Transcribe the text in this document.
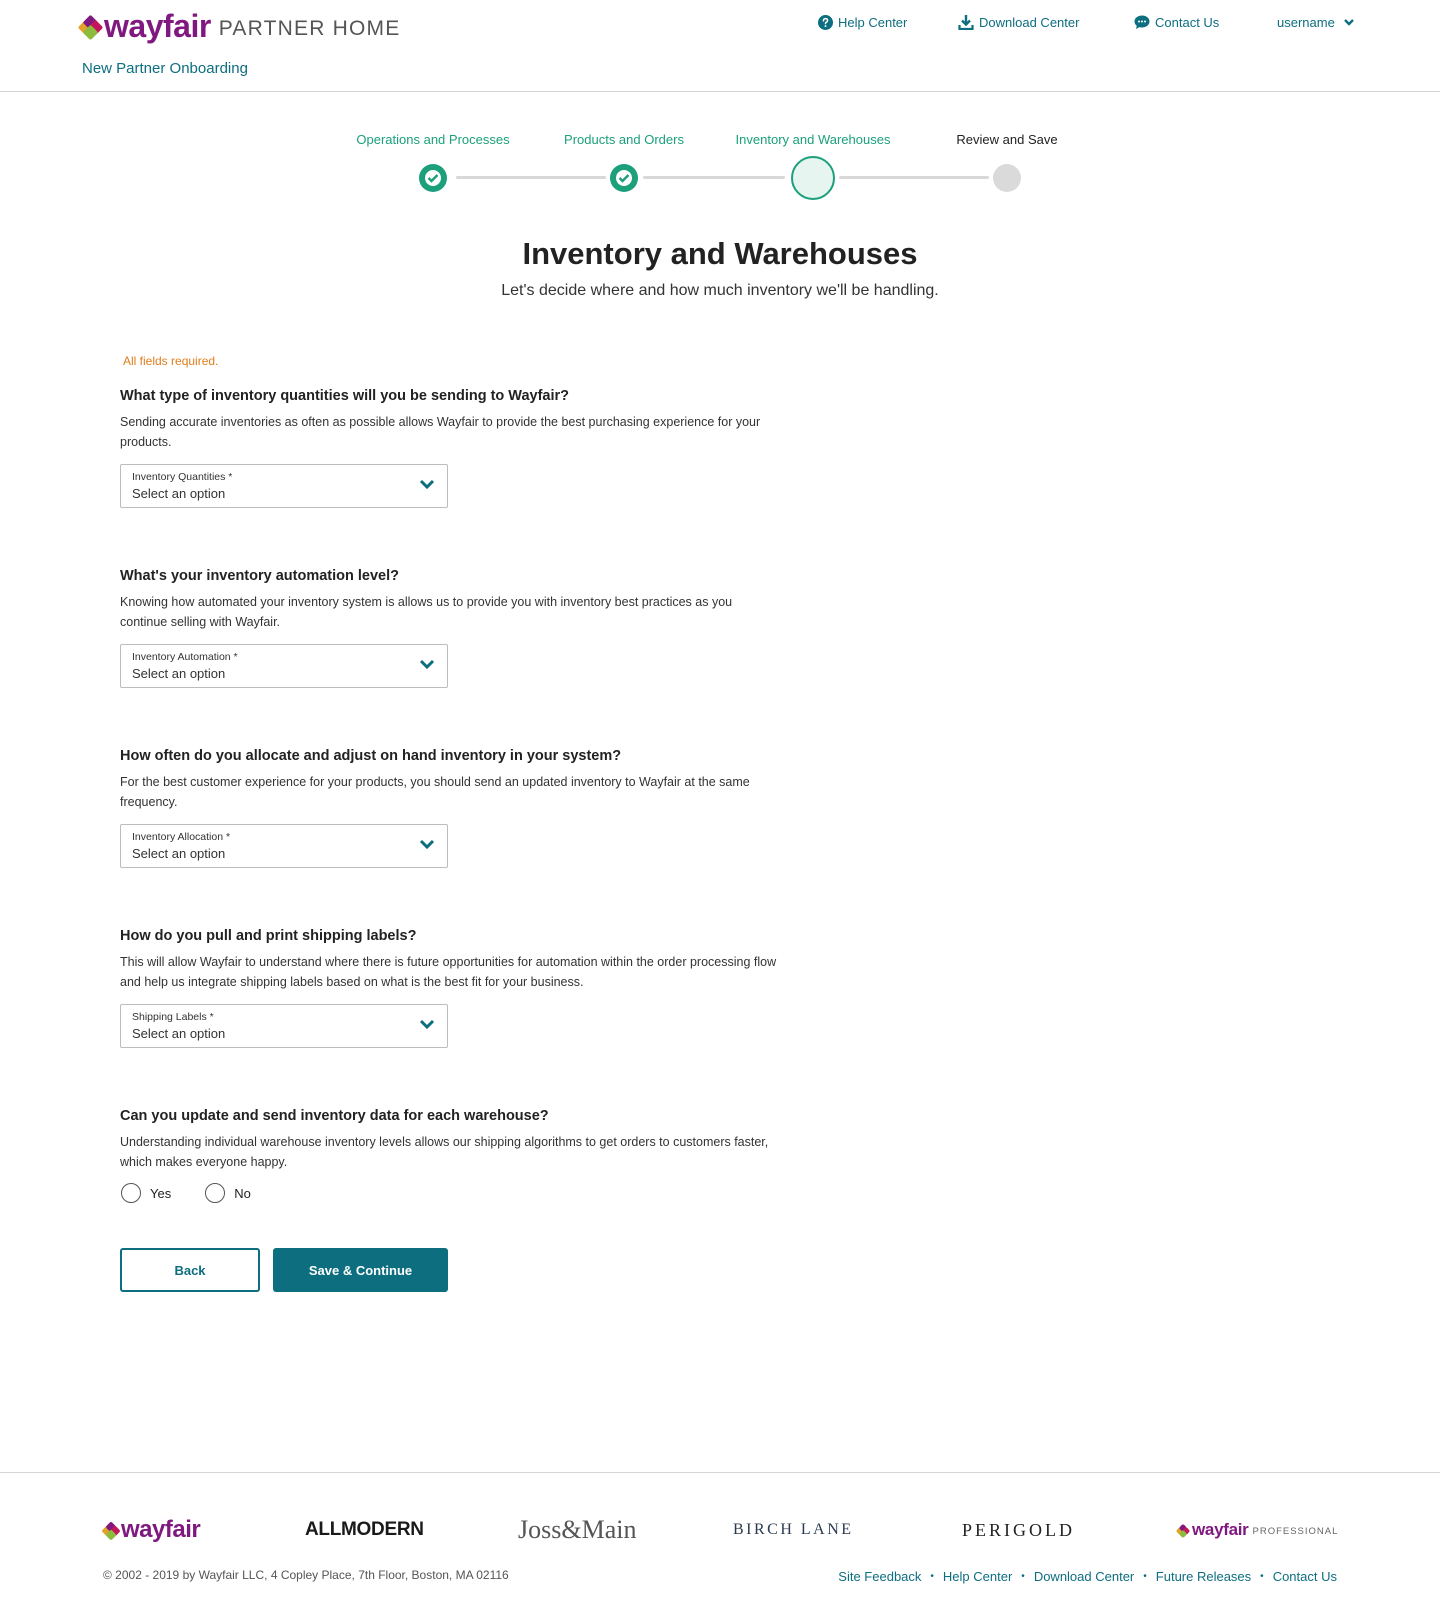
wayfair PARTNER HOME	Help Center	Download Center	Contact Us	username
New Partner Onboarding
Operations and Processes	Products and Orders	Inventory and Warehouses	Review and Save
Inventory and Warehouses
Let's decide where and how much inventory we'll be handling.
All fields required.
What type of inventory quantities will you be sending to Wayfair?

Sending accurate inventories as often as possible allows Wayfair to provide the best purchasing experience for your products.

Inventory Quantities *
Select an option
What's your inventory automation level?

Knowing how automated your inventory system is allows us to provide you with inventory best practices as you continue selling with Wayfair.

Inventory Automation *
Select an option
How often do you allocate and adjust on hand inventory in your system?

For the best customer experience for your products, you should send an updated inventory to Wayfair at the same frequency.

Inventory Allocation *
Select an option
How do you pull and print shipping labels?

This will allow Wayfair to understand where there is future opportunities for automation within the order processing flow and help us integrate shipping labels based on what is the best fit for your business.

Shipping Labels *
Select an option
Can you update and send inventory data for each warehouse?

Understanding individual warehouse inventory levels allows our shipping algorithms to get orders to customers faster, which makes everyone happy.

Yes	No
Back	Save & Continue
wayfair	ALLMODERN	Joss&Main	BIRCH LANE	PERIGOLD	wayfair PROFESSIONAL
© 2002 - 2019 by Wayfair LLC, 4 Copley Place, 7th Floor, Boston, MA 02116	Site Feedback • Help Center • Download Center • Future Releases • Contact Us
